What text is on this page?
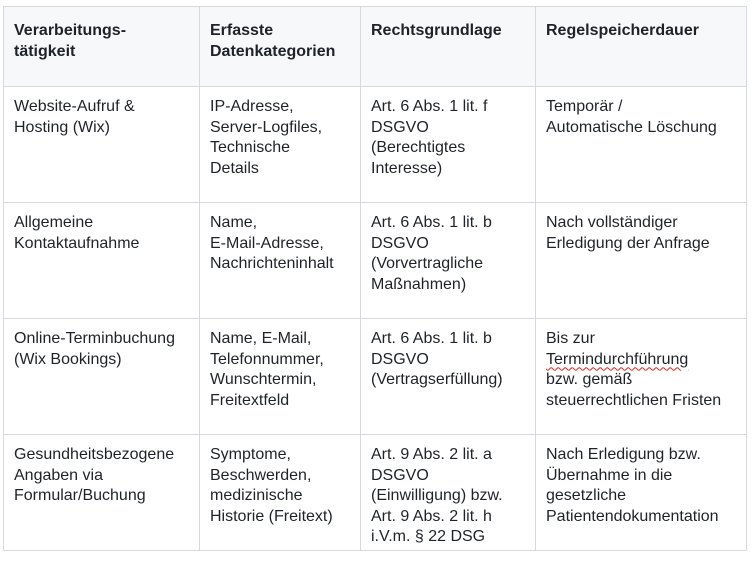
Verarbeitungs-
tätigkeit	Erfasste
Datenkategorien	Rechtsgrundlage	Regelspeicherdauer

Website-Aufruf &
Hosting (Wix)	IP-Adresse,
Server-Logfiles,
Technische
Details	Art. 6 Abs. 1 lit. f
DSGVO
(Berechtigtes
Interesse)	Temporär /
Automatische Löschung

Allgemeine
Kontaktaufnahme	Name,
E-Mail-Adresse,
Nachrichteninhalt	Art. 6 Abs. 1 lit. b
DSGVO
(Vorvertragliche
Maßnahmen)	Nach vollständiger
Erledigung der Anfrage

Online-Terminbuchung
(Wix Bookings)	Name, E-Mail,
Telefonnummer,
Wunschtermin,
Freitextfeld	Art. 6 Abs. 1 lit. b
DSGVO
(Vertragserfüllung)	Bis zur
Termindurchführung
bzw. gemäß
steuerrechtlichen Fristen

Gesundheitsbezogene
Angaben via
Formular/Buchung	Symptome,
Beschwerden,
medizinische
Historie (Freitext)	Art. 9 Abs. 2 lit. a
DSGVO
(Einwilligung) bzw.
Art. 9 Abs. 2 lit. h
i.V.m. § 22 DSG	Nach Erledigung bzw.
Übernahme in die
gesetzliche
Patientendokumentation
